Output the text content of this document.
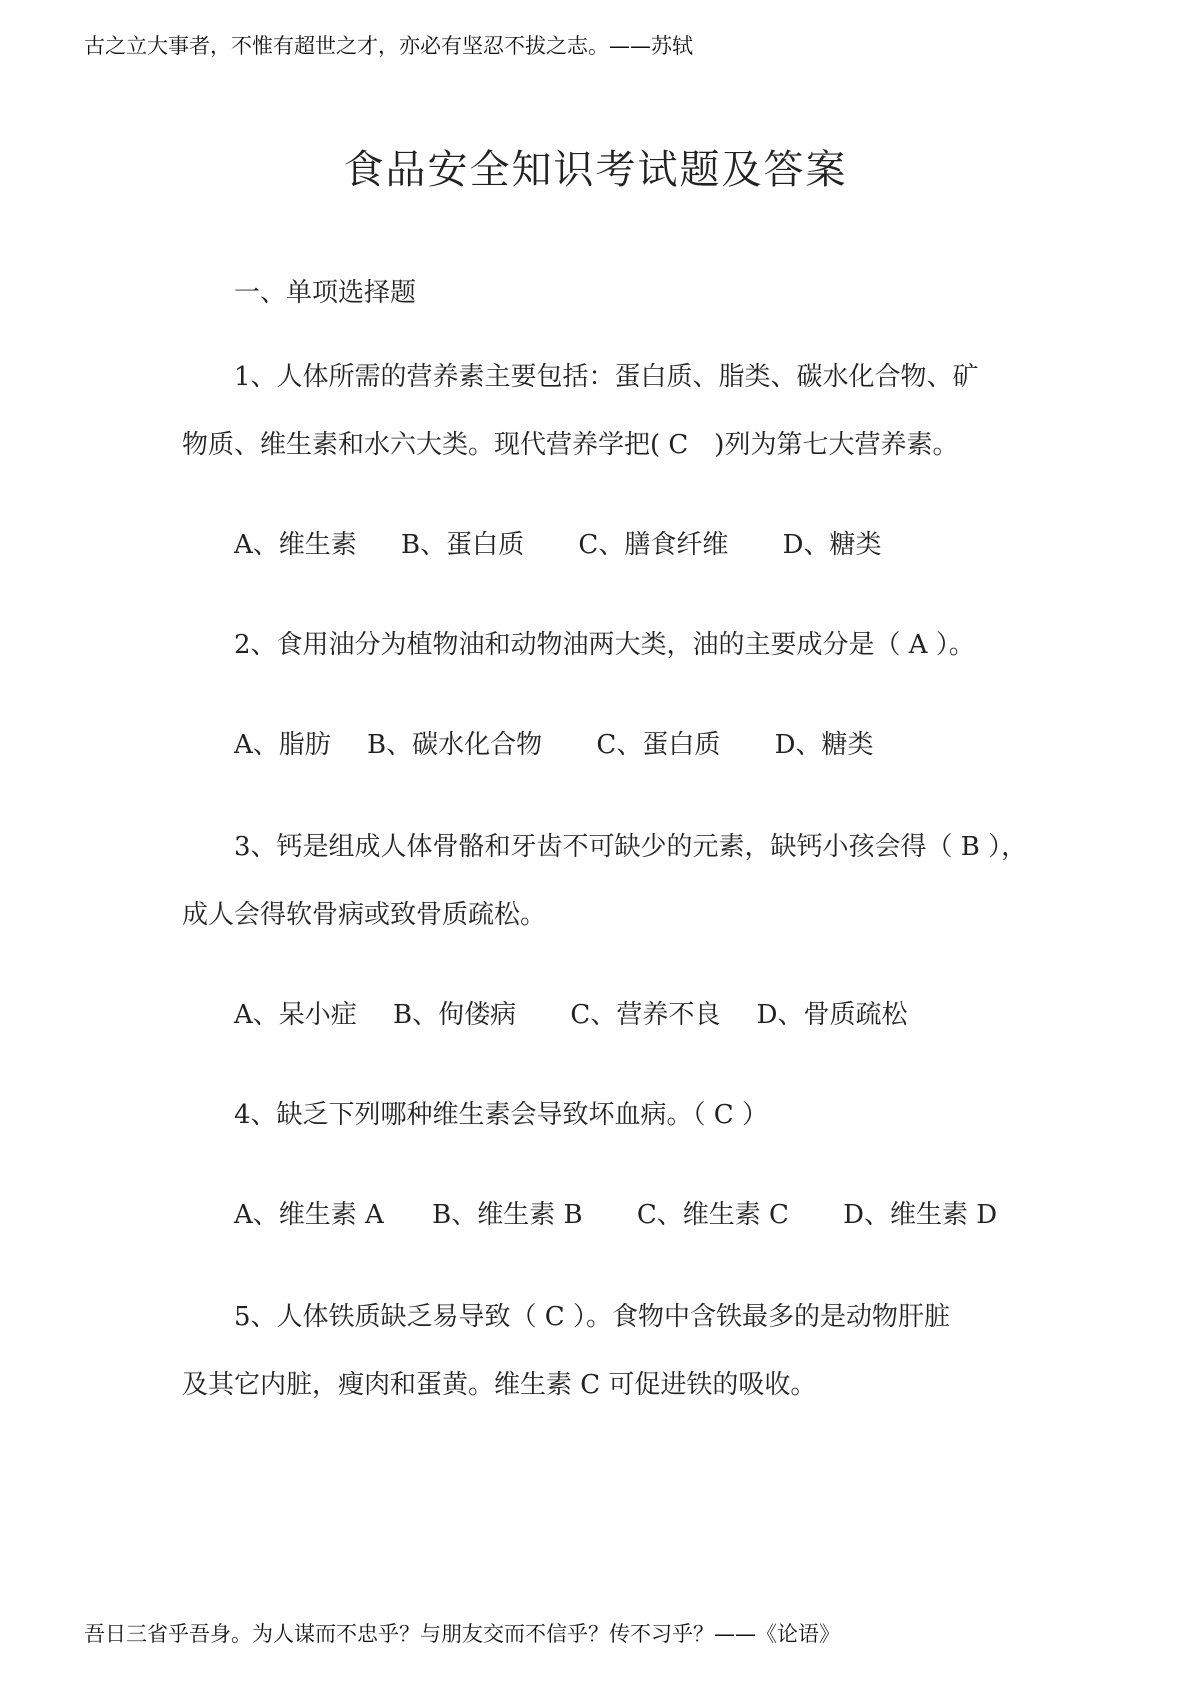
古之立大事者，不惟有超世之才，亦必有坚忍不拔之志。——苏轼
食品安全知识考试题及答案
一、单项选择题
1、人体所需的营养素主要包括：蛋白质、脂类、碳水化合物、矿
物质、维生素和水六大类。现代营养学把( C　)列为第七大营养素。
A、维生素 B、蛋白质 C、膳食纤维 D、糖类
2、食用油分为植物油和动物油两大类，油的主要成分是（ A ）。
A、脂肪 B、碳水化合物 C、蛋白质 D、糖类
3、钙是组成人体骨骼和牙齿不可缺少的元素，缺钙小孩会得（ B ），
成人会得软骨病或致骨质疏松。
A、呆小症 B、佝偻病 C、营养不良 D、骨质疏松
4、缺乏下列哪种维生素会导致坏血病。（ C ）
A、维生素 A B、维生素 B C、维生素 C D、维生素 D
5、人体铁质缺乏易导致（ C ）。食物中含铁最多的是动物肝脏
及其它内脏，瘦肉和蛋黄。维生素 C 可促进铁的吸收。
吾日三省乎吾身。为人谋而不忠乎？与朋友交而不信乎？传不习乎？——《论语》
